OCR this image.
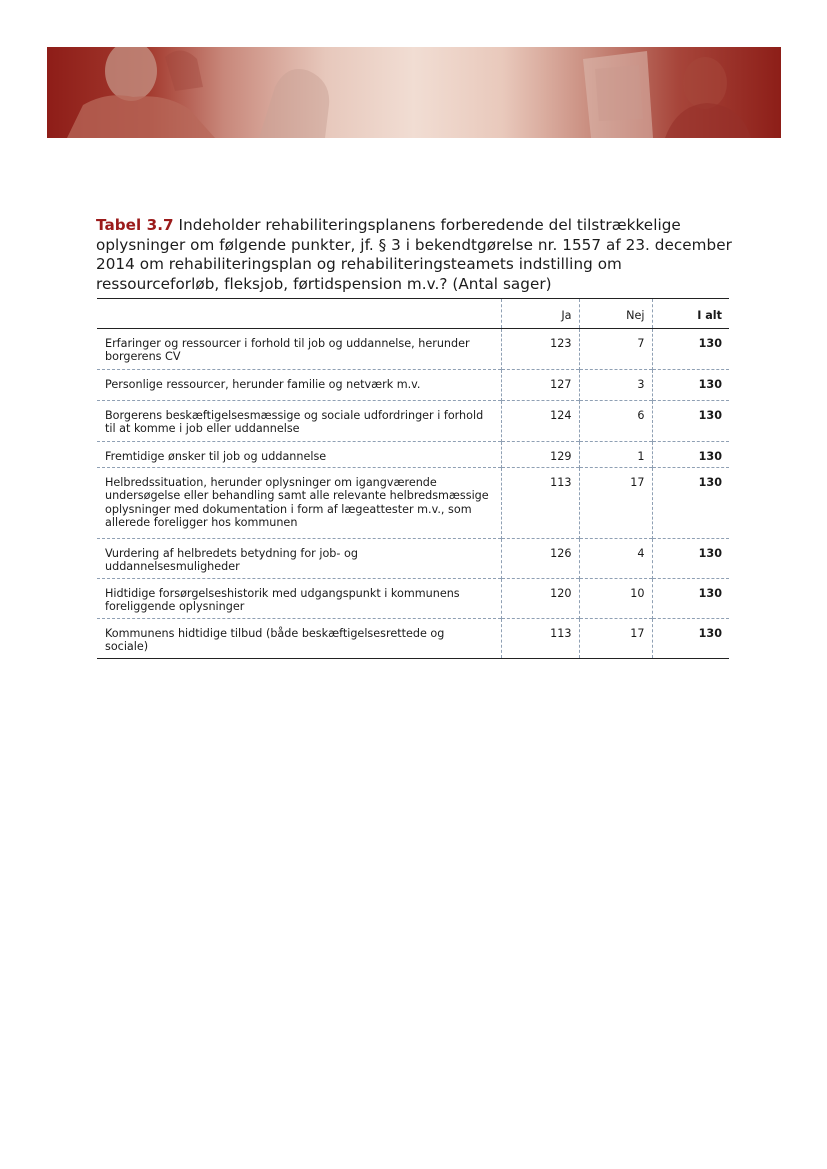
Tabel 3.7 Indeholder rehabiliteringsplanens forberedende del tilstrækkelige oplysninger om følgende punkter, jf. § 3 i bekendtgørelse nr. 1557 af 23. december 2014 om rehabiliteringsplan og rehabiliteringsteamets indstilling om ressourceforløb, fleksjob, førtidspension m.v.? (Antal sager)
	Ja	Nej	I alt
Erfaringer og ressourcer i forhold til job og uddannelse, herunder borgerens CV	123	7	130
Personlige ressourcer, herunder familie og netværk m.v.	127	3	130
Borgerens beskæftigelsesmæssige og sociale udfordringer i forhold til at komme i job eller uddannelse	124	6	130
Fremtidige ønsker til job og uddannelse	129	1	130
Helbredssituation, herunder oplysninger om igangværende undersøgelse eller behandling samt alle relevante helbredsmæssige oplysninger med dokumentation i form af lægeattester m.v., som allerede foreligger hos kommunen	113	17	130
Vurdering af helbredets betydning for job- og uddannelsesmuligheder	126	4	130
Hidtidige forsørgelseshistorik med udgangspunkt i kommunens foreliggende oplysninger	120	10	130
Kommunens hidtidige tilbud (både beskæftigelsesrettede og sociale)	113	17	130
